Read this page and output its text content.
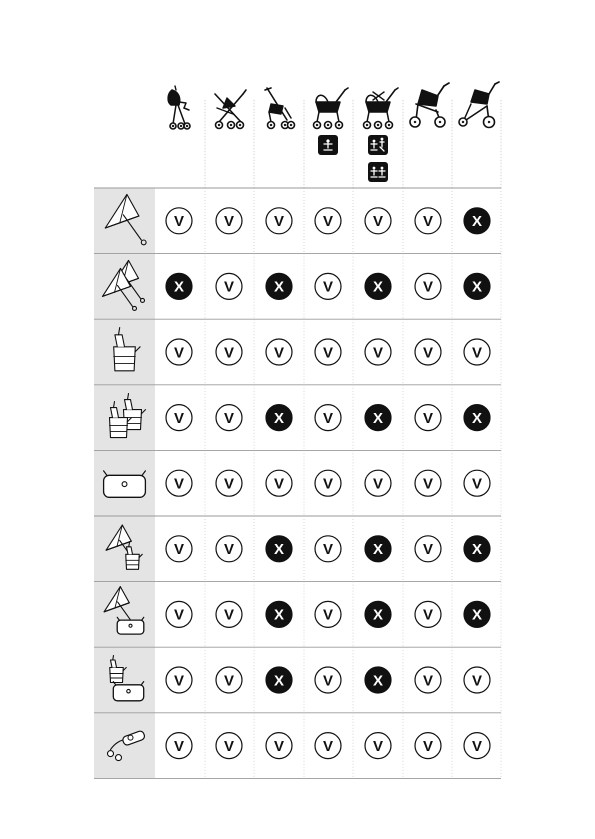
V	V	V	V	V	V	X
X	V	X	V	X	V	X
V	V	V	V	V	V	V
V	V	X	V	X	V	X
V	V	V	V	V	V	V
V	V	X	V	X	V	X
V	V	X	V	X	V	X
V	V	X	V	X	V	V
V	V	V	V	V	V	V
